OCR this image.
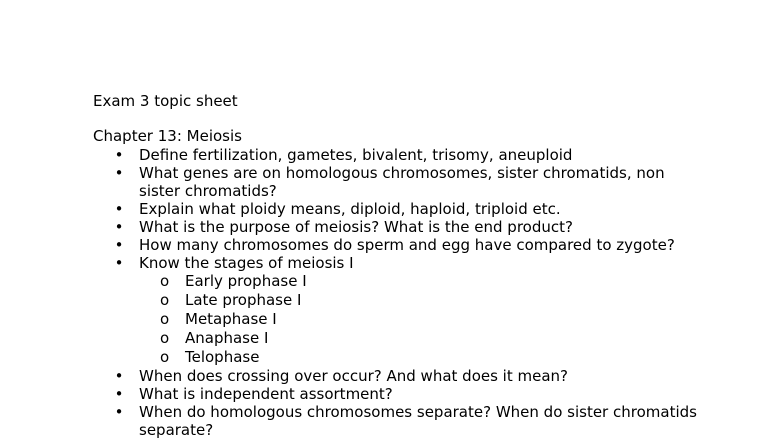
Exam 3 topic sheet
Chapter 13: Meiosis
• Define fertilization, gametes, bivalent, trisomy, aneuploid
• What genes are on homologous chromosomes, sister chromatids, non sister chromatids?
• Explain what ploidy means, diploid, haploid, triploid etc.
• What is the purpose of meiosis? What is the end product?
• How many chromosomes do sperm and egg have compared to zygote?
• Know the stages of meiosis I
o Early prophase I
o Late prophase I
o Metaphase I
o Anaphase I
o Telophase
• When does crossing over occur? And what does it mean?
• What is independent assortment?
• When do homologous chromosomes separate? When do sister chromatids separate?
